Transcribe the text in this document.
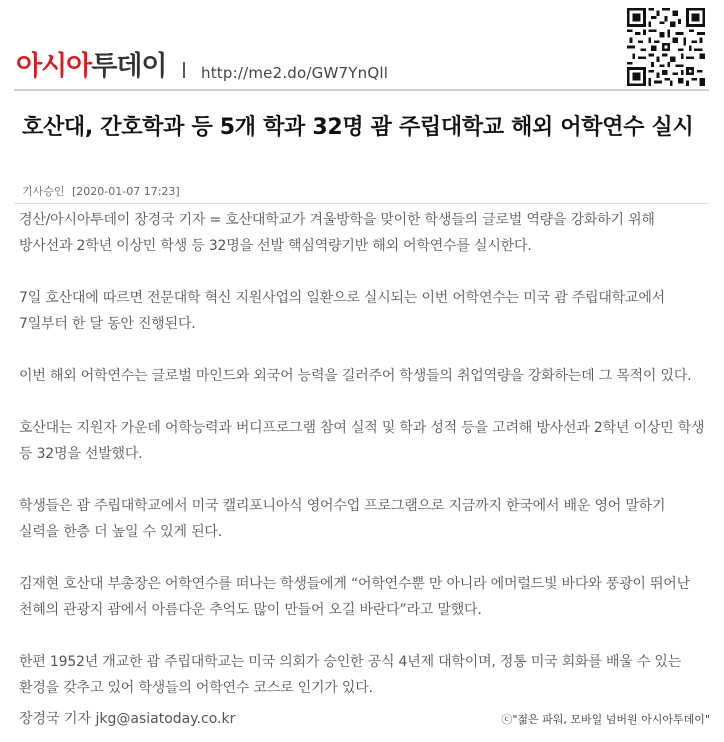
아시아투데이 http://me2.do/GW7YnQll
호산대, 간호학과 등 5개 학과 32명 괌 주립대학교 해외 어학연수 실시
기사승인 [2020-01-07 17:23]

경산/아시아투데이 장경국 기자 = 호산대학교가 겨울방학을 맞이한 학생들의 글로벌 역량을 강화하기 위해 방사선과 2학년 이상민 학생 등 32명을 선발 핵심역량기반 해외 어학연수를 실시한다.

7일 호산대에 따르면 전문대학 혁신 지원사업의 일환으로 실시되는 이번 어학연수는 미국 괌 주립대학교에서 7일부터 한 달 동안 진행된다.

이번 해외 어학연수는 글로벌 마인드와 외국어 능력을 길러주어 학생들의 취업역량을 강화하는데 그 목적이 있다.

호산대는 지원자 가운데 어학능력과 버디프로그램 참여 실적 및 학과 성적 등을 고려해 방사선과 2학년 이상민 학생 등 32명을 선발했다.

학생들은 괌 주립대학교에서 미국 캘리포니아식 영어수업 프로그램으로 지금까지 한국에서 배운 영어 말하기 실력을 한층 더 높일 수 있게 된다.

김재현 호산대 부총장은 어학연수를 떠나는 학생들에게 “어학연수뿐 만 아니라 에머럴드빛 바다와 풍광이 뛰어난 천혜의 관광지 괌에서 아름다운 추억도 많이 만들어 오길 바란다”라고 말했다.

한편 1952년 개교한 괌 주립대학교는 미국 의회가 승인한 공식 4년제 대학이며, 정통 미국 회화를 배울 수 있는 환경을 갖추고 있어 학생들의 어학연수 코스로 인기가 있다.

장경국 기자 jkg@asiatoday.co.kr	ⓒ"젊은 파워, 모바일 넘버원 아시아투데이"
